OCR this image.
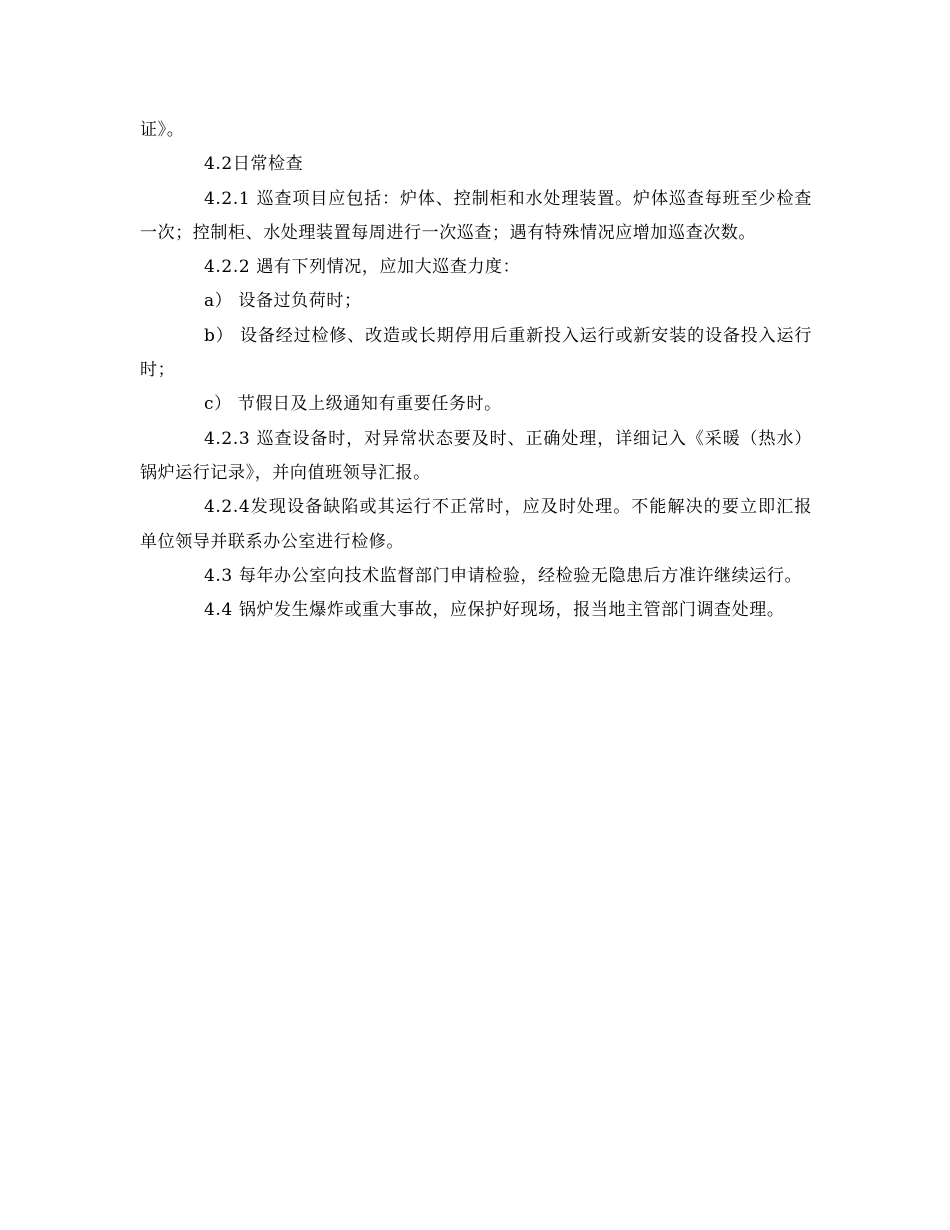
证》。

4.2日常检查

4.2.1 巡查项目应包括：炉体、控制柜和水处理装置。炉体巡查每班至少检查一次；控制柜、水处理装置每周进行一次巡查；遇有特殊情况应增加巡查次数。

4.2.2 遇有下列情况，应加大巡查力度：

a） 设备过负荷时；

b） 设备经过检修、改造或长期停用后重新投入运行或新安装的设备投入运行时；

c） 节假日及上级通知有重要任务时。

4.2.3 巡查设备时，对异常状态要及时、正确处理，详细记入《采暖（热水）锅炉运行记录》，并向值班领导汇报。

4.2.4发现设备缺陷或其运行不正常时，应及时处理。不能解决的要立即汇报单位领导并联系办公室进行检修。

4.3 每年办公室向技术监督部门申请检验，经检验无隐患后方准许继续运行。

4.4 锅炉发生爆炸或重大事故，应保护好现场，报当地主管部门调查处理。
